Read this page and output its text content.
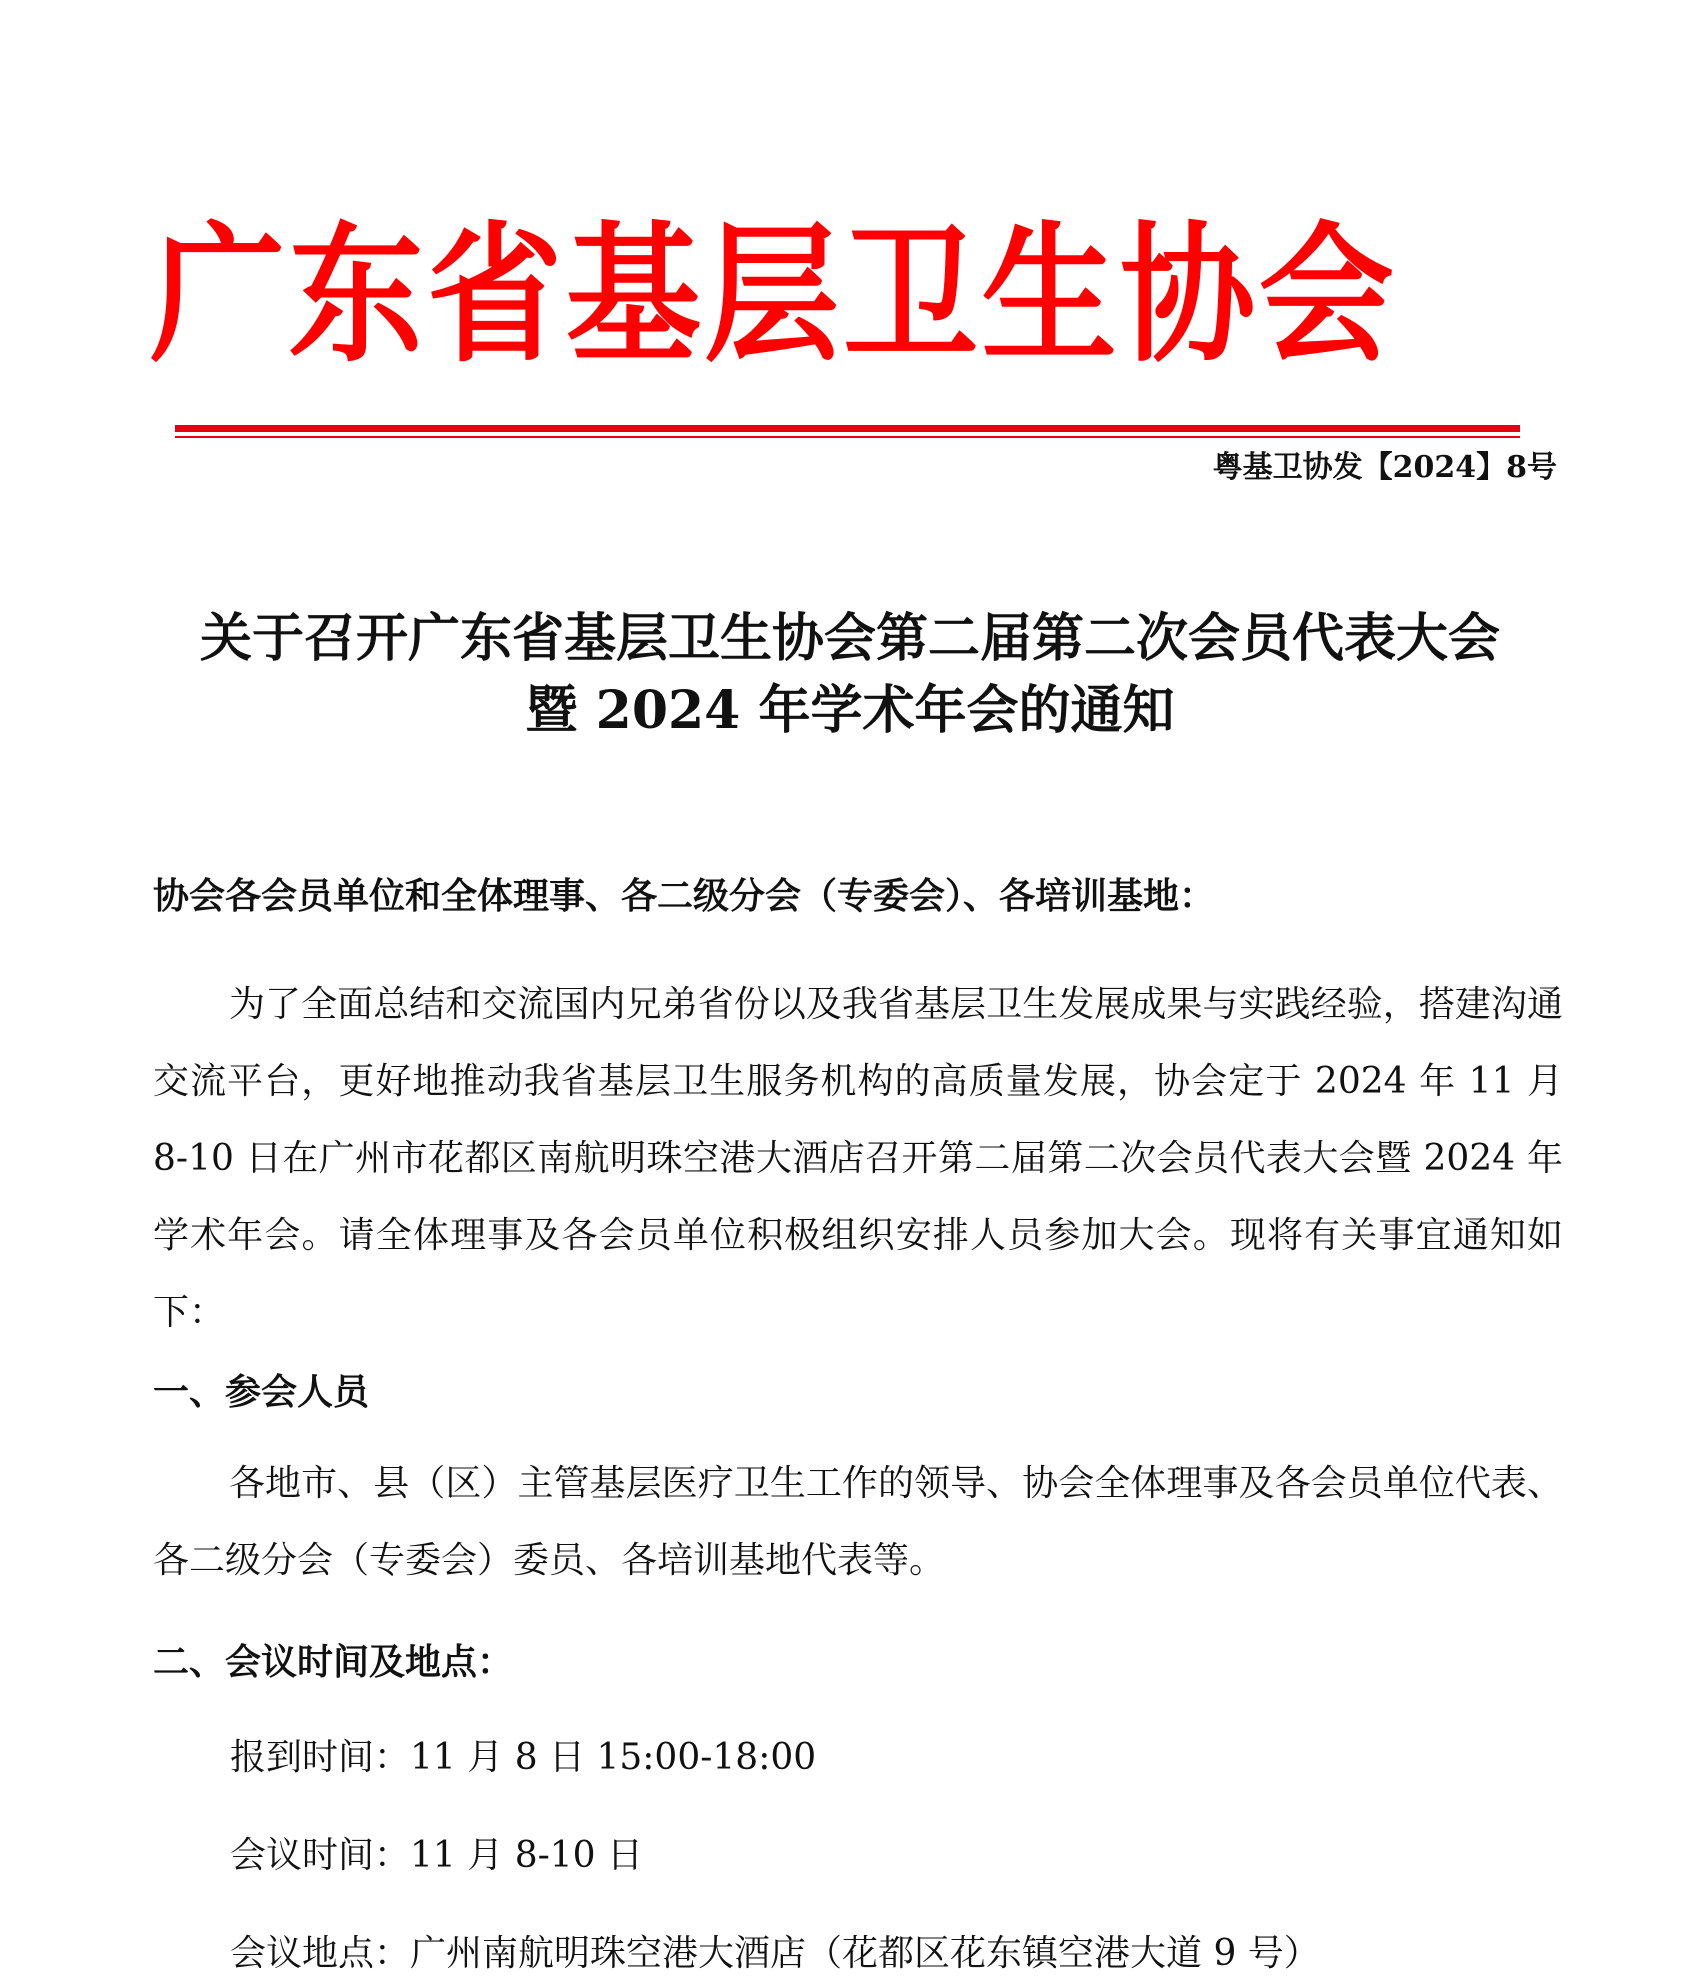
广东省基层卫生协会
粤基卫协发【2024】8号
关于召开广东省基层卫生协会第二届第二次会员代表大会
暨 2024 年学术年会的通知
协会各会员单位和全体理事、各二级分会（专委会）、各培训基地：
为了全面总结和交流国内兄弟省份以及我省基层卫生发展成果与实践经验，搭建沟通交流平台，更好地推动我省基层卫生服务机构的高质量发展，协会定于 2024 年 11 月 8-10 日在广州市花都区南航明珠空港大酒店召开第二届第二次会员代表大会暨 2024 年学术年会。请全体理事及各会员单位积极组织安排人员参加大会。现将有关事宜通知如下：
一、参会人员
各地市、县（区）主管基层医疗卫生工作的领导、协会全体理事及各会员单位代表、各二级分会（专委会）委员、各培训基地代表等。
二、会议时间及地点：
报到时间：11 月 8 日 15:00-18:00
会议时间：11 月 8-10 日
会议地点：广州南航明珠空港大酒店（花都区花东镇空港大道 9 号）
